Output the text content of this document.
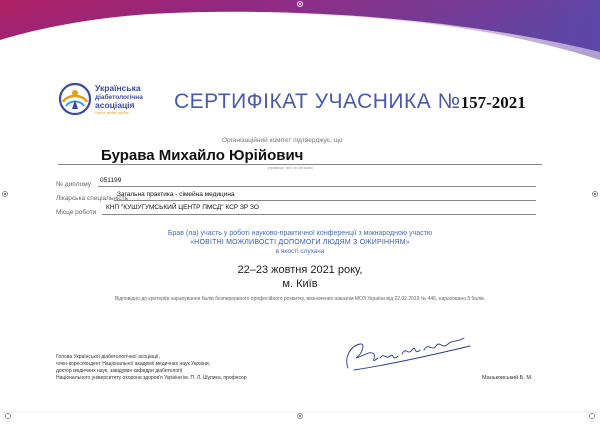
Українська
діабетологічна
асоціація
Рятує людей щодня СЕРТИФІКАТ УЧАСНИКА №157-2021
Організаційний комітет підтверджує, що
Бурава Михайло Юрійович
(прізвище, ім'я, по батькові)
№ диплому
051199
Лікарська спеціальність
Загальна практика - сімейна медицина
Місце роботи
КНП "КУШУГУМСЬКИЙ ЦЕНТР ПМСД" КСР ЗР ЗО
Брав (ла) участь у роботі науково-практичної конференції з міжнародною участю
«НОВІТНІ МОЖЛИВОСТІ ДОПОМОГИ ЛЮДЯМ З ОЖИРІННЯМ»
в якості слухача
22–23 жовтня 2021 року,
м. Київ
Відповідно до критеріїв нарахування балів безперервного професійного розвитку, визначених наказом МОЗ України від 22.02.2019 № 446, нараховано 5 балів.
Голова Української діабетологічної асоціації,
член-кореспондент Національної академії медичних наук України,
доктор медичних наук, завідувач кафедри діабетології
Національного університету охорони здоров'я України ім. П. Л. Шупика, професор	Маньковський Б. М.
